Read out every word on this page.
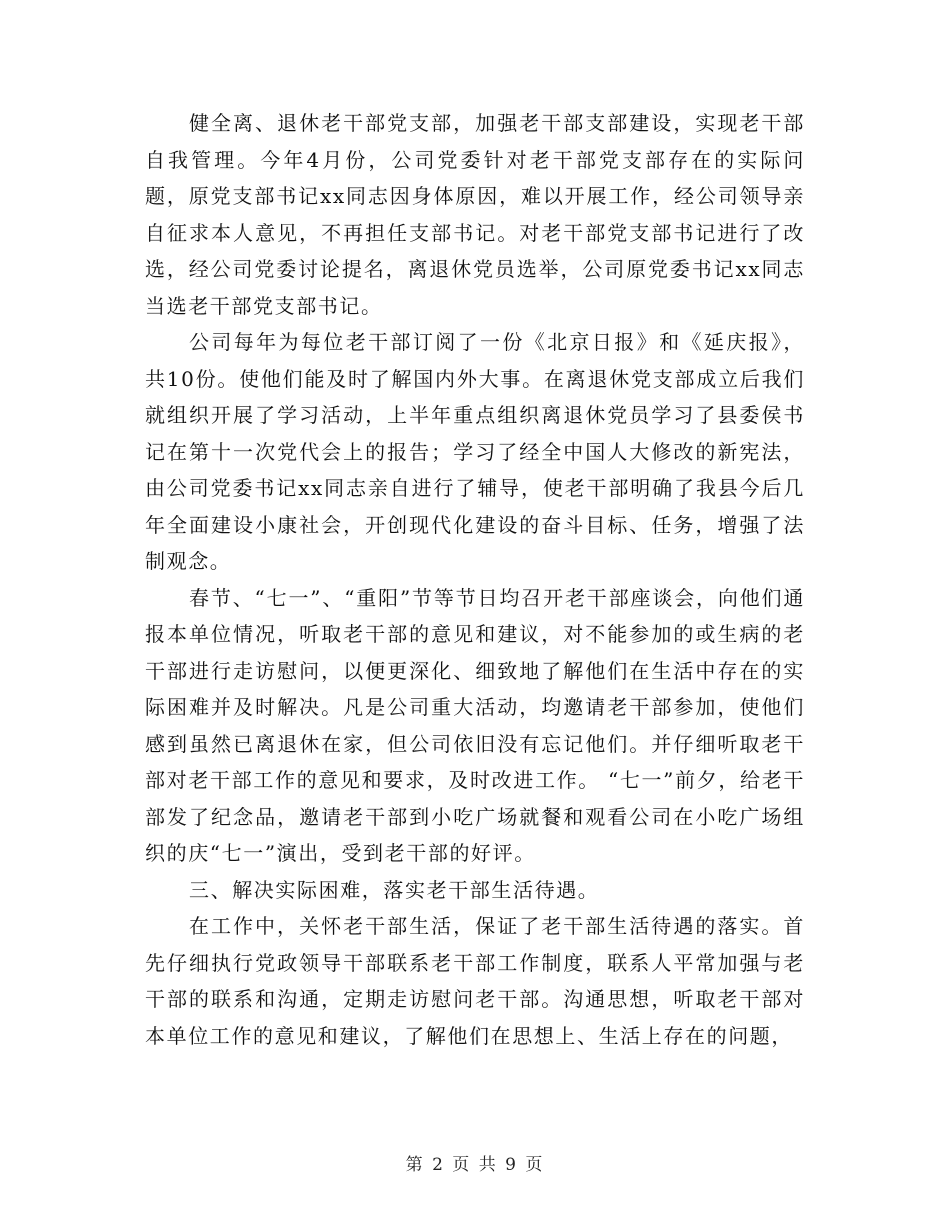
健全离、退休老干部党支部，加强老干部支部建设，实现老干部自我管理。今年4月份，公司党委针对老干部党支部存在的实际问题，原党支部书记xx同志因身体原因，难以开展工作，经公司领导亲自征求本人意见，不再担任支部书记。对老干部党支部书记进行了改选，经公司党委讨论提名，离退休党员选举，公司原党委书记xx同志当选老干部党支部书记。

公司每年为每位老干部订阅了一份《北京日报》和《延庆报》，共10份。使他们能及时了解国内外大事。在离退休党支部成立后我们就组织开展了学习活动，上半年重点组织离退休党员学习了县委侯书记在第十一次党代会上的报告；学习了经全中国人大修改的新宪法，由公司党委书记xx同志亲自进行了辅导，使老干部明确了我县今后几年全面建设小康社会，开创现代化建设的奋斗目标、任务，增强了法制观念。

春节、“七一”、“重阳”节等节日均召开老干部座谈会，向他们通报本单位情况，听取老干部的意见和建议，对不能参加的或生病的老干部进行走访慰问，以便更深化、细致地了解他们在生活中存在的实际困难并及时解决。凡是公司重大活动，均邀请老干部参加，使他们感到虽然已离退休在家，但公司依旧没有忘记他们。并仔细听取老干部对老干部工作的意见和要求，及时改进工作。 “七一”前夕，给老干部发了纪念品，邀请老干部到小吃广场就餐和观看公司在小吃广场组织的庆“七一”演出，受到老干部的好评。

三、解决实际困难，落实老干部生活待遇。

在工作中，关怀老干部生活，保证了老干部生活待遇的落实。首先仔细执行党政领导干部联系老干部工作制度，联系人平常加强与老干部的联系和沟通，定期走访慰问老干部。沟通思想，听取老干部对本单位工作的意见和建议，了解他们在思想上、生活上存在的问题，

第 2 页 共 9 页
